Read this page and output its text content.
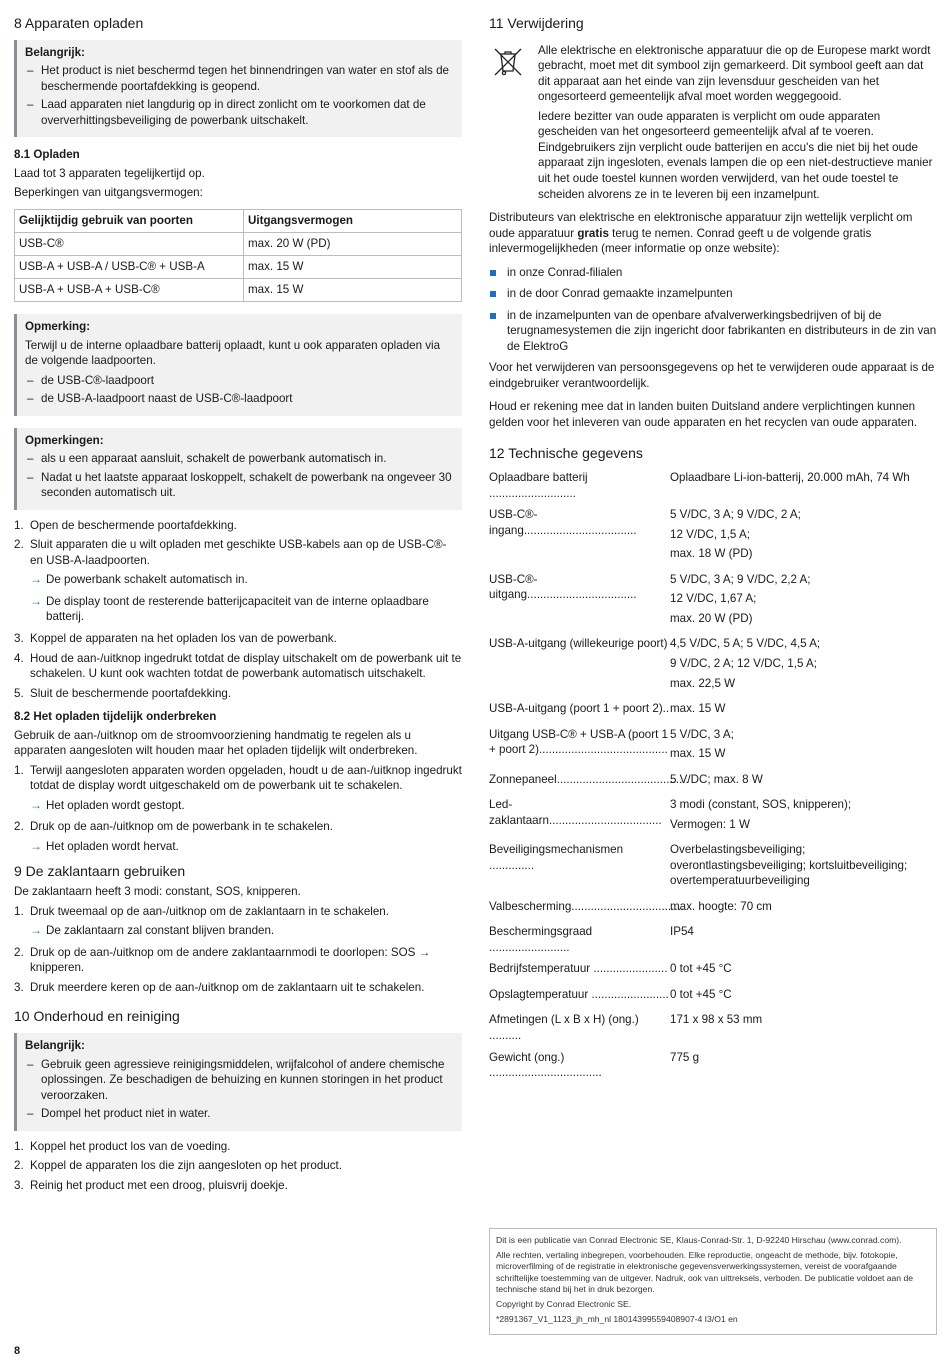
8 Apparaten opladen
Belangrijk:
– Het product is niet beschermd tegen het binnendringen van water en stof als de beschermende poortafdekking is geopend.
– Laad apparaten niet langdurig op in direct zonlicht om te voorkomen dat de oververhittingsbeveiliging de powerbank uitschakelt.
8.1 Opladen

Laad tot 3 apparaten tegelijkertijd op.

Beperkingen van uitgangsvermogen:

Gelijktijdig gebruik van poorten	Uitgangsvermogen
USB-C®	max. 20 W (PD)
USB-A + USB-A / USB-C® + USB-A	max. 15 W
USB-A + USB-A + USB-C®	max. 15 W
Opmerking:

Terwijl u de interne oplaadbare batterij oplaadt, kunt u ook apparaten opladen via de volgende laadpoorten.

– de USB-C®-laadpoort
– de USB-A-laadpoort naast de USB-C®-laadpoort
Opmerkingen:
– als u een apparaat aansluit, schakelt de powerbank automatisch in.
– Nadat u het laatste apparaat loskoppelt, schakelt de powerbank na ongeveer 30 seconden automatisch uit.
1. Open de beschermende poortafdekking.
2. Sluit apparaten die u wilt opladen met geschikte USB-kabels aan op de USB-C®- en USB-A-laadpoorten.
→ De powerbank schakelt automatisch in.
→ De display toont de resterende batterijcapaciteit van de interne oplaadbare batterij.
3. Koppel de apparaten na het opladen los van de powerbank.
4. Houd de aan-/uitknop ingedrukt totdat de display uitschakelt om de powerbank uit te schakelen. U kunt ook wachten totdat de powerbank automatisch uitschakelt.
5. Sluit de beschermende poortafdekking.
8.2 Het opladen tijdelijk onderbreken

Gebruik de aan-/uitknop om de stroomvoorziening handmatig te regelen als u apparaten aangesloten wilt houden maar het opladen tijdelijk wilt onderbreken.

1. Terwijl aangesloten apparaten worden opgeladen, houdt u de aan-/uitknop ingedrukt totdat de display wordt uitgeschakeld om de powerbank uit te schakelen.
→ Het opladen wordt gestopt.
2. Druk op de aan-/uitknop om de powerbank in te schakelen.
→ Het opladen wordt hervat.
9 De zaklantaarn gebruiken

De zaklantaarn heeft 3 modi: constant, SOS, knipperen.

1. Druk tweemaal op de aan-/uitknop om de zaklantaarn in te schakelen.
→ De zaklantaarn zal constant blijven branden.
2. Druk op de aan-/uitknop om de andere zaklantaarnmodi te doorlopen: SOS → knipperen.
3. Druk meerdere keren op de aan-/uitknop om de zaklantaarn uit te schakelen.
10 Onderhoud en reiniging
Belangrijk:
– Gebruik geen agressieve reinigingsmiddelen, wrijfalcohol of andere chemische oplossingen. Ze beschadigen de behuizing en kunnen storingen in het product veroorzaken.
– Dompel het product niet in water.
1. Koppel het product los van de voeding.
2. Koppel de apparaten los die zijn aangesloten op het product.
3. Reinig het product met een droog, pluisvrij doekje.
11 Verwijdering

Alle elektrische en elektronische apparatuur die op de Europese markt wordt gebracht, moet met dit symbool zijn gemarkeerd. Dit symbool geeft aan dat dit apparaat aan het einde van zijn levensduur gescheiden van het ongesorteerd gemeentelijk afval moet worden weggegooid.

Iedere bezitter van oude apparaten is verplicht om oude apparaten gescheiden van het ongesorteerd gemeentelijk afval af te voeren. Eindgebruikers zijn verplicht oude batterijen en accu's die niet bij het oude apparaat zijn ingesloten, evenals lampen die op een niet-destructieve manier uit het oude toestel kunnen worden verwijderd, van het oude toestel te scheiden alvorens ze in te leveren bij een inzamelpunt.

Distributeurs van elektrische en elektronische apparatuur zijn wettelijk verplicht om oude apparatuur gratis terug te nemen. Conrad geeft u de volgende gratis inlevermogelijkheden (meer informatie op onze website):

in onze Conrad-filialen
in de door Conrad gemaakte inzamelpunten
in de inzamelpunten van de openbare afvalverwerkingsbedrijven of bij de terugnamesystemen die zijn ingericht door fabrikanten en distributeurs in de zin van de ElektroG

Voor het verwijderen van persoonsgegevens op het te verwijderen oude apparaat is de eindgebruiker verantwoordelijk.

Houd er rekening mee dat in landen buiten Duitsland andere verplichtingen kunnen gelden voor het inleveren van oude apparaten en het recyclen van oude apparaten.

12 Technische gegevens
Oplaadbare batterij ...........................
Oplaadbare Li-ion-batterij, 20.000 mAh, 74 Wh
USB-C®-ingang...................................
5 V/DC, 3 A; 9 V/DC, 2 A;
12 V/DC, 1,5 A;
max. 18 W (PD)
USB-C®-uitgang..................................
5 V/DC, 3 A; 9 V/DC, 2,2 A;
12 V/DC, 1,67 A;
max. 20 W (PD)
USB-A-uitgang (willekeurige poort) 4,5 V/DC, 5 A; 5 V/DC, 4,5 A;
9 V/DC, 2 A; 12 V/DC, 1,5 A;
max. 22,5 W
USB-A-uitgang (poort 1 + poort 2).. max. 15 W
Uitgang USB-C® + USB-A (poort 1 + poort 2)........................................
5 V/DC, 3 A;
max. 15 W
Zonnepaneel.........................................
5 V/DC; max. 8 W
Led-zaklantaarn...................................
3 modi (constant, SOS, knipperen);
Vermogen: 1 W
Beveiligingsmechanismen ..............
Overbelastingsbeveiliging; overontlastingsbeveiliging; kortsluitbeveiliging; overtemperatuurbeveiliging
Valbescherming...................................
max. hoogte: 70 cm
Beschermingsgraad .........................
IP54
Bedrijfstemperatuur ....................... 0 tot +45 °C
Opslagtemperatuur ........................ 0 tot +45 °C
Afmetingen (L x B x H) (ong.) ..........
171 x 98 x 53 mm
Gewicht (ong.) ...................................
775 g

Dit is een publicatie van Conrad Electronic SE, Klaus-Conrad-Str. 1, D-92240 Hirschau (www.conrad.com).

Alle rechten, vertaling inbegrepen, voorbehouden. Elke reproductie, ongeacht de methode, bijv. fotokopie, microverfilming of de registratie in elektronische gegevensverwerkingssystemen, vereist de voorafgaande schriftelijke toestemming van de uitgever. Nadruk, ook van uittreksels, verboden. De publicatie voldoet aan de technische stand bij het in druk bezorgen.

Copyright by Conrad Electronic SE.

*2891367_V1_1123_jh_mh_nl 18014399559408907-4 I3/O1 en

8
